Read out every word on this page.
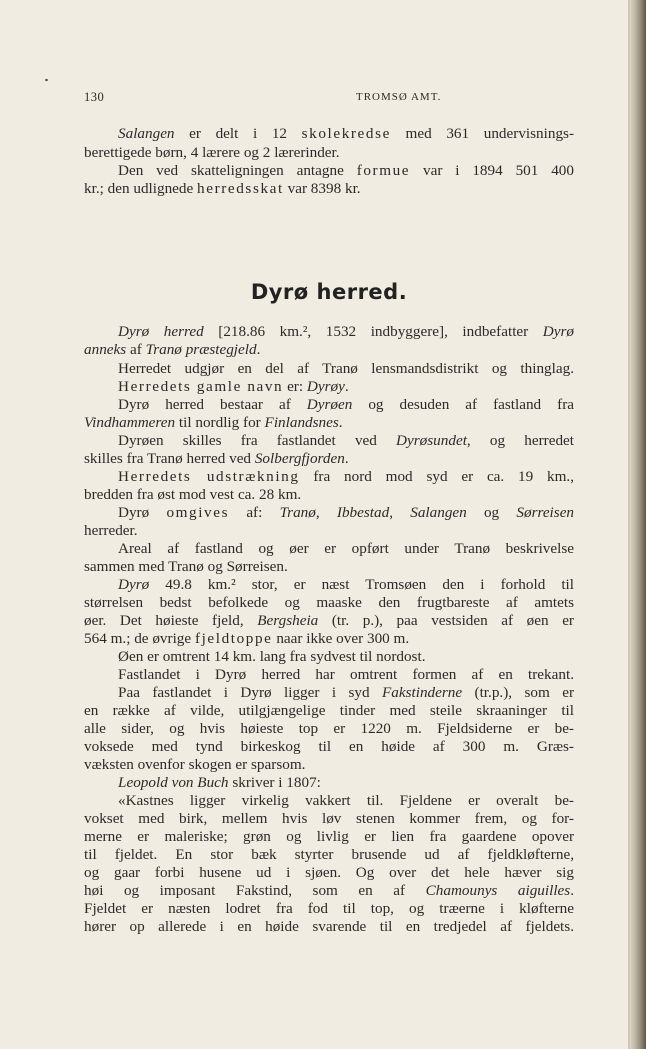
130	TROMSØ AMT.
Salangen er delt i 12 skolekredse med 361 undervisnings-
berettigede børn, 4 lærere og 2 lærerinder.
Den ved skatteligningen antagne formue var i 1894 501 400
kr.; den udlignede herredsskat var 8398 kr.
Dyrø herred.
Dyrø herred [218.86 km.², 1532 indbyggere], indbefatter Dyrø
anneks af Tranø præstegjeld.
Herredet udgjør en del af Tranø lensmandsdistrikt og thinglag.
Herredets gamle navn er: Dyrøy.
Dyrø herred bestaar af Dyrøen og desuden af fastland fra
Vindhammeren til nordlig for Finlandsnes.
Dyrøen skilles fra fastlandet ved Dyrøsundet, og herredet
skilles fra Tranø herred ved Solbergfjorden.
Herredets udstrækning fra nord mod syd er ca. 19 km.,
bredden fra øst mod vest ca. 28 km.
Dyrø omgives af: Tranø, Ibbestad, Salangen og Sørreisen
herreder.
Areal af fastland og øer er opført under Tranø beskrivelse
sammen med Tranø og Sørreisen.
Dyrø 49.8 km.² stor, er næst Tromsøen den i forhold til
størrelsen bedst befolkede og maaske den frugtbareste af amtets
øer. Det høieste fjeld, Bergsheia (tr. p.), paa vestsiden af øen er
564 m.; de øvrige fjeldtoppe naar ikke over 300 m.
Øen er omtrent 14 km. lang fra sydvest til nordost.
Fastlandet i Dyrø herred har omtrent formen af en trekant.
Paa fastlandet i Dyrø ligger i syd Fakstinderne (tr.p.), som er
en række af vilde, utilgjængelige tinder med steile skraaninger til
alle sider, og hvis høieste top er 1220 m. Fjeldsiderne er be-
voksede med tynd birkeskog til en høide af 300 m. Græs-
væksten ovenfor skogen er sparsom.
Leopold von Buch skriver i 1807:
«Kastnes ligger virkelig vakkert til. Fjeldene er overalt be-
vokset med birk, mellem hvis løv stenen kommer frem, og for-
merne er maleriske; grøn og livlig er lien fra gaardene opover
til fjeldet. En stor bæk styrter brusende ud af fjeldkløfterne,
og gaar forbi husene ud i sjøen. Og over det hele hæver sig
høi og imposant Fakstind, som en af Chamounys aiguilles.
Fjeldet er næsten lodret fra fod til top, og træerne i kløfterne
hører op allerede i en høide svarende til en tredjedel af fjeldets.
